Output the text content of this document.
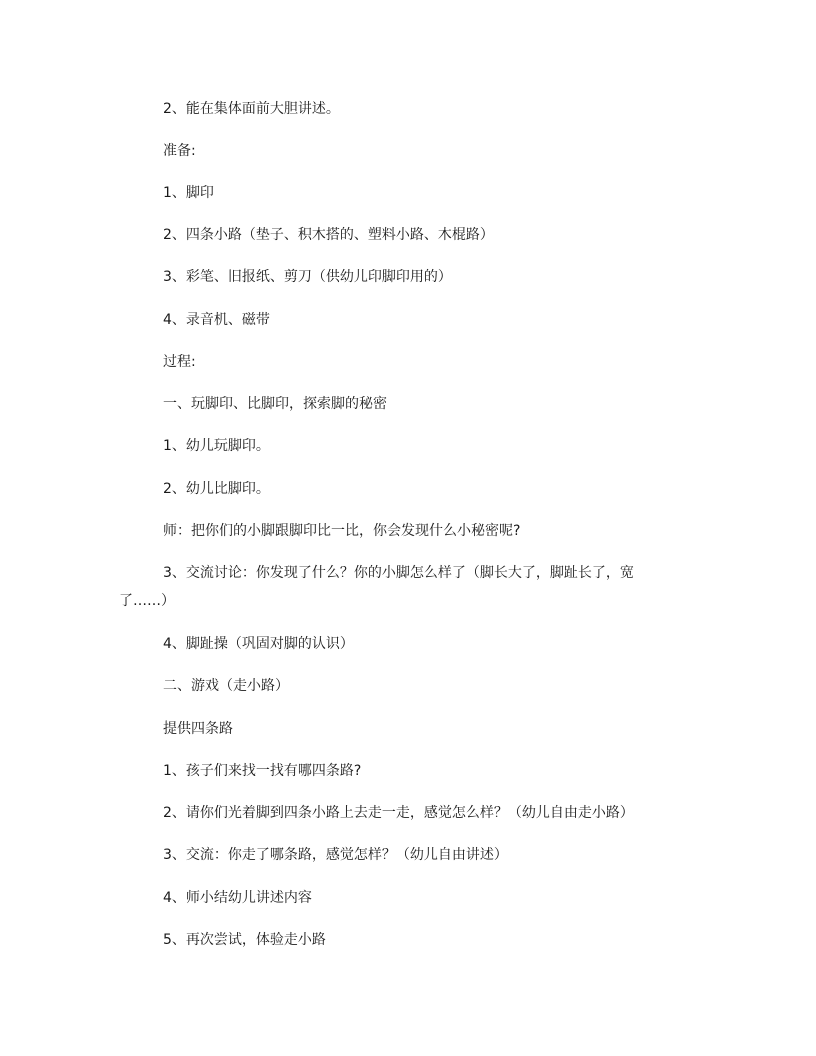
2、能在集体面前大胆讲述。
准备:
1、脚印
2、四条小路（垫子、积木搭的、塑料小路、木棍路）
3、彩笔、旧报纸、剪刀（供幼儿印脚印用的）
4、录音机、磁带
过程:
一、玩脚印、比脚印，探索脚的秘密
1、幼儿玩脚印。
2、幼儿比脚印。
师：把你们的小脚跟脚印比一比，你会发现什么小秘密呢?
3、交流讨论：你发现了什么？你的小脚怎么样了（脚长大了，脚趾长了，宽了……）
4、脚趾操（巩固对脚的认识）
二、游戏（走小路）
提供四条路
1、孩子们来找一找有哪四条路?
2、请你们光着脚到四条小路上去走一走，感觉怎么样？（幼儿自由走小路）
3、交流：你走了哪条路，感觉怎样？（幼儿自由讲述）
4、师小结幼儿讲述内容
5、再次尝试，体验走小路
